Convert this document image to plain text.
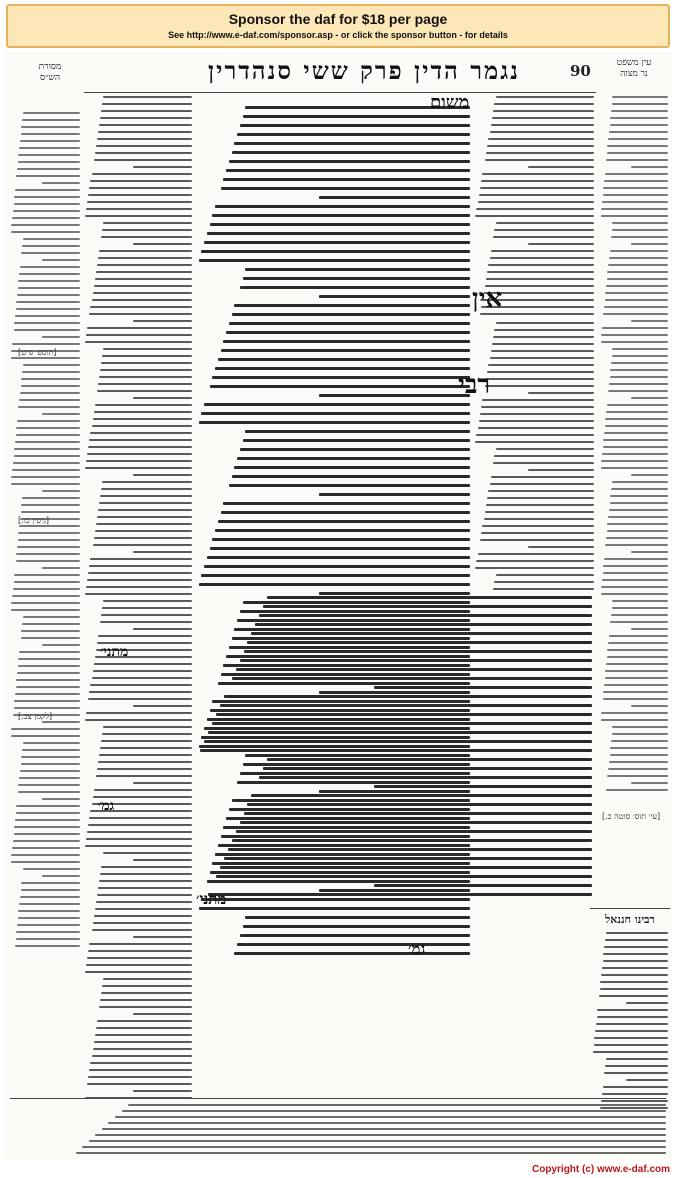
Sponsor the daf for $18 per page
See http://www.e-daf.com/sponsor.asp - or click the sponsor button - for details
90
נגמר הדין פרק ששי סנהדרין
מסורת
הש״ס
עין משפט
נר מצוה
משום
אין
רבי
מתני׳
מתני׳
גמ׳
גמ׳
[תוספ׳ פ״ט]
[גיטין כו.]
[לקמן צב.]
[עי׳ תוס׳ סוטה כ.]
רבינו חננאל
Copyright (c) www.e-daf.com
